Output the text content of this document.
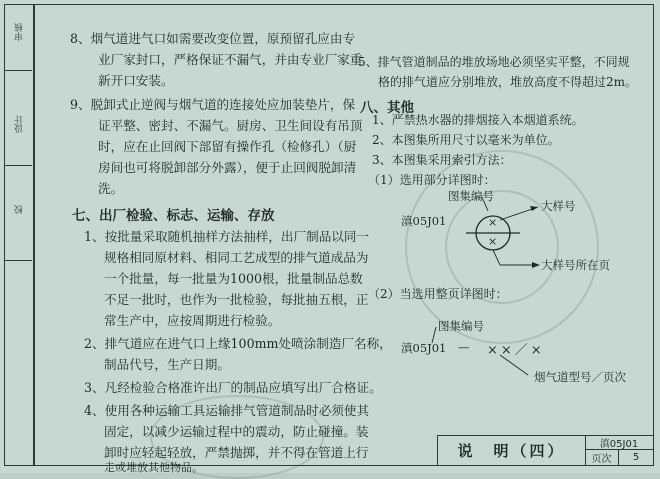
审核
设计
校
8、烟气道进气口如需要改变位置，原预留孔应由专
业厂家封口，严格保证不漏气，并由专业厂家重
新开口安装。
9、脱卸式止逆阀与烟气道的连接处应加装垫片，保
证平整、密封、不漏气。厨房、卫生间设有吊顶
时，应在止回阀下部留有操作孔（检修孔）（厨
房间也可将脱卸部分外露），便于止回阀脱卸清
洗。
七、出厂检验、标志、运输、存放
1、按批量采取随机抽样方法抽样，出厂制品以同一
规格相同原材料、相同工艺成型的排气道成品为
一个批量，每一批量为1000根，批量制品总数
不足一批时，也作为一批检验，每批抽五根，正
常生产中，应按周期进行检验。
2、排气道应在进气口上缘100mm处喷涂制造厂名称，
制品代号，生产日期。
3、凡经检验合格准许出厂的制品应填写出厂合格证。
4、使用各种运输工具运输排气管道制品时必须使其
固定，以减少运输过程中的震动，防止碰撞。装
卸时应轻起轻放，严禁抛掷，并不得在管道上行
走或堆放其他物品。
5、排气管道制品的堆放场地必须坚实平整，不同规
格的排气道应分别堆放，堆放高度不得超过2m。
八、其他
1、严禁热水器的排烟接入本烟道系统。
2、本图集所用尺寸以毫米为单位。
3、本图集采用索引方法：
（1）选用部分详图时：
图集编号
大样号
滇05J01	×
×
大样号所在页
（2）当选用整页详图时：
图集编号
滇05J01 — ××／×
烟气道型号／页次
说　明（四）	滇05J01
页次	5
